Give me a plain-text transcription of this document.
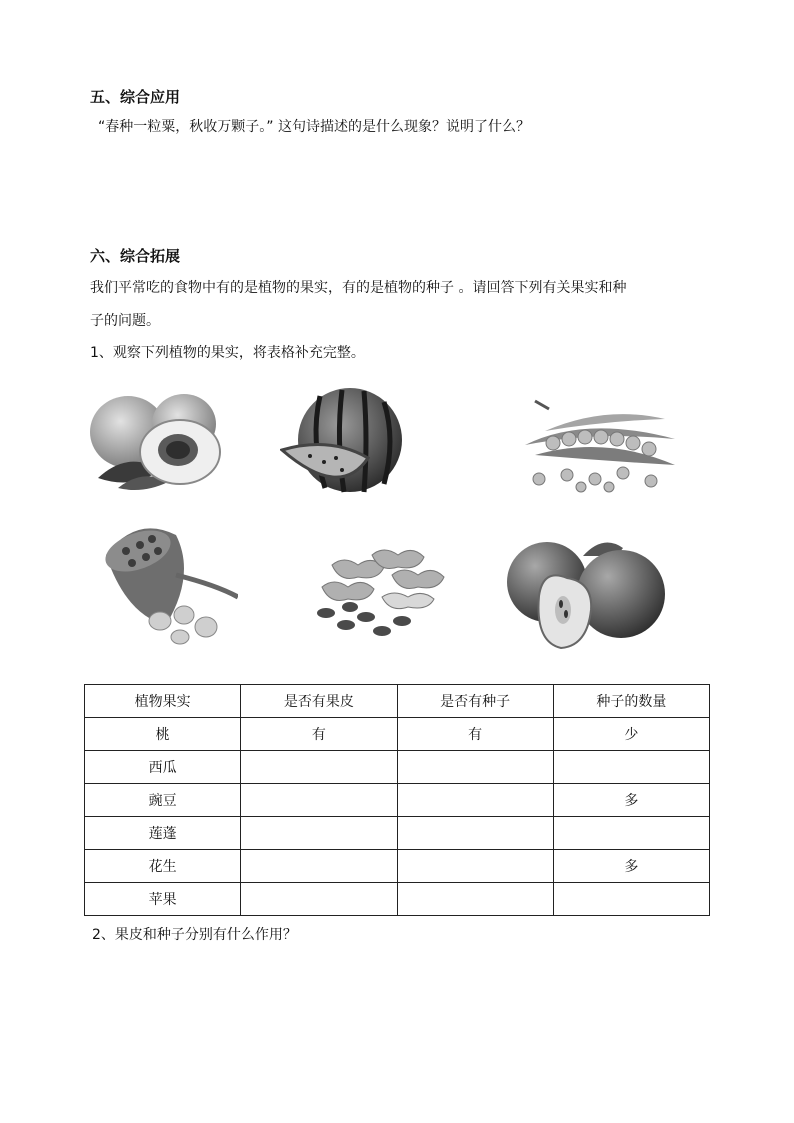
五、综合应用
“春种一粒粟，秋收万颗子。” 这句诗描述的是什么现象？说明了什么？
六、综合拓展
我们平常吃的食物中有的是植物的果实，有的是植物的种子 。请回答下列有关果实和种
子的问题。
1、观察下列植物的果实，将表格补充完整。
植物果实	是否有果皮	是否有种子	种子的数量
桃	有	有	少
西瓜			
豌豆			多
莲蓬			
花生			多
苹果			
2、果皮和种子分别有什么作用？
